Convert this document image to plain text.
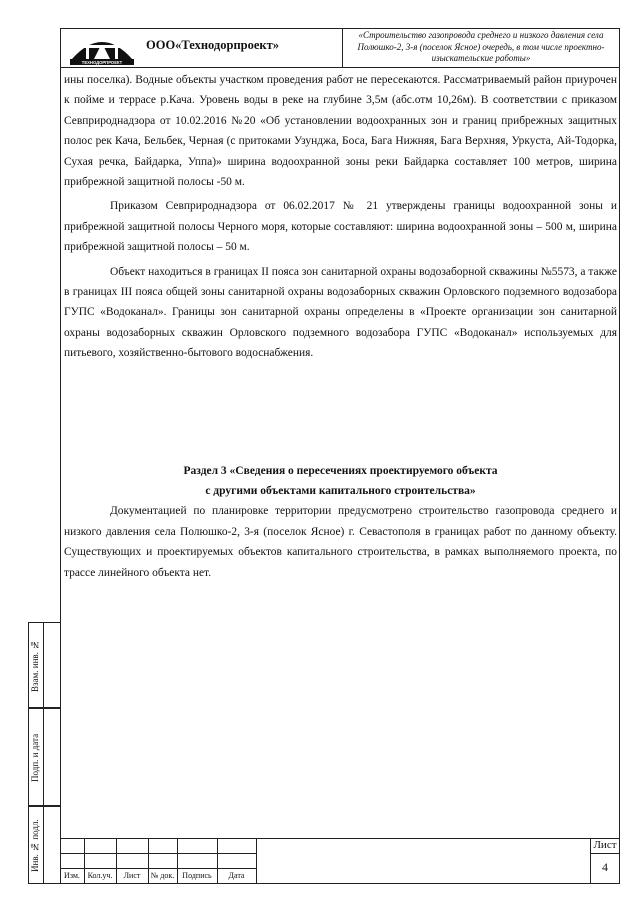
ТЕХНОДОРПРОЕКТ
ООО«Технодорпроект»
«Строительство газопровода среднего и низкого давления села Полюшко-2, 3-я (поселок Ясное) очередь, в том числе проектно-изыскательские работы»

ины поселка). Водные объекты участком проведения работ не пересекаются. Рассматриваемый район приурочен к пойме и террасе р.Кача. Уровень воды в реке на глубине 3,5м (абс.отм 10,26м). В соответствии с приказом Севприроднадзора от 10.02.2016 №20 «Об установлении водоохранных зон и границ прибрежных защитных полос рек Кача, Бельбек, Черная (с притоками Узунджа, Боса, Бага Нижняя, Бага Верхняя, Уркуста, Ай-Тодорка, Сухая речка, Байдарка, Уппа)» ширина водоохранной зоны реки Байдарка составляет 100 метров, ширина прибрежной защитной полосы -50 м.

Приказом Севприроднадзора от 06.02.2017 № 21 утверждены границы водоохранной зоны и прибрежной защитной полосы Черного моря, которые составляют: ширина водоохранной зоны – 500 м, ширина прибрежной защитной полосы – 50 м.

Объект находиться в границах II пояса зон санитарной охраны водозаборной скважины №5573, а также в границах III пояса общей зоны санитарной охраны водозаборных скважин Орловского подземного водозабора ГУПС «Водоканал». Границы зон санитарной охраны определены в «Проекте организации зон санитарной охраны водозаборных скважин Орловского подземного водозабора ГУПС «Водоканал» используемых для питьевого, хозяйственно-бытового водоснабжения.

Раздел 3 «Сведения о пересечениях проектируемого объекта
с другими объектами капитального строительства»

Документацией по планировке территории предусмотрено строительство газопровода среднего и низкого давления села Полюшко-2, 3-я (поселок Ясное) г. Севастополя в границах работ по данному объекту. Существующих и проектируемых объектов капитального строительства, в рамках выполняемого проекта, по трассе линейного объекта нет.

Взам. инв. №
Подп. и дата
Инв. № подл.
Изм. Кол.уч.	Лист	№ док.	Подпись	Дата
Лист
4
